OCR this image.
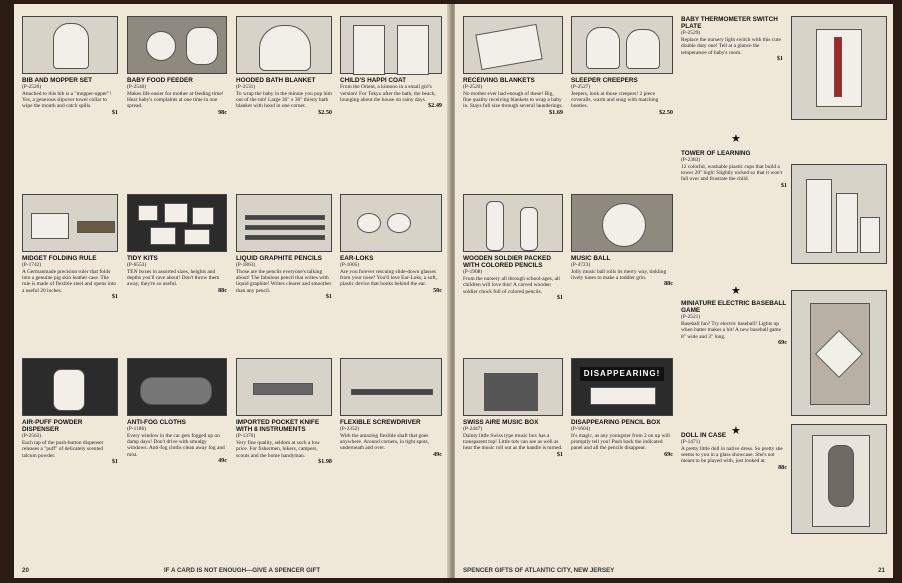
BIB AND MOPPER SET
(P-2526)
Attached to this bib is a "mopper-upper"! Yes, a generous slipover towel collar to wipe the mouth and catch spills.
$1
BABY FOOD FEEDER
(P-2540)
Makes life easier for mother at feeding time! Hear baby's complaints at one time in one spread.
98c
HOODED BATH BLANKET
(P-2531)
To wrap the baby in the minute you pop him out of the tub! Large 36" x 36" thirsty bath blanket with hood in one corner.
$2.50
CHILD'S HAPPI COAT
From the Orient, a kimono in a small girl's version! For Tokyo after the bath, the beach, lounging about the house on rainy days.
$2.49
MIDGET FOLDING RULE
(P-1742)
A Germanmade precision ruler that folds into a genuine pig skin leather case. The rule is made of flexible steel and opens into a useful 20 inches.
$1
TIDY KITS
(P-6553)
TEN boxes in assorted sizes, heights and depths you'll rave about! Don't throw them away, they're so useful.
88c
LIQUID GRAPHITE PENCILS
(P-1863)
Those are the pencils everyone's talking about! The fabulous pencil that writes with liquid graphite! Writes clearer and smoother than any pencil.
$1
EAR-LOKS
(P-1005)
Are you forever rescuing slide-down glasses from your nose? You'll love Ear-Loks, a soft, plastic device that hooks behind the ear.
50c
AIR-PUFF POWDER DISPENSER
(P-2563)
Each tap of the push-button dispenser releases a "puff" of delicately scented talcum powder.
$1
ANTI-FOG CLOTHS
(P-1186)
Every window in the car gets fogged up on damp days! Don't drive with smudgy windows. Anti-fog cloths clean away fog and mist.
49c
IMPORTED POCKET KNIFE WITH 8 INSTRUMENTS
(P-1376)
Very fine quality, seldom at such a low price. For fishermen, hikers, campers, scouts and the home handyman.
$1.98
FLEXIBLE SCREWDRIVER
(P-2352)
With the amazing flexible shaft that goes anywhere. Around corners, in tight spots, underneath and over.
49c
20	IF A CARD IS NOT ENOUGH—GIVE A SPENCER GIFT
RECEIVING BLANKETS
(P-2520)
No mother ever had enough of these! Big, fine quality receiving blankets to wrap a baby in. Stays full size through several launderings.
$1.69
SLEEPER CREEPERS
(P-2527)
Jeepers, look at those creepers! 2 piece coveralls, warm and snug with matching booties.
$2.50
BABY THERMOMETER SWITCH PLATE
(P-2529)
Replace the nursery light switch with this cute double duty one! Tell at a glance the temperature of baby's room.
$1
★
WOODEN SOLDIER PACKED WITH COLORED PENCILS
(P-1908)
From the nursery all through school-ages, all children will love this! A carved wooden soldier chock full of colored pencils.
$1
MUSIC BALL
(P-4723)
Jolly music ball rolls its merry way, tinkling lively tunes to make a toddler grin.
88c
TOWER OF LEARNING
(P-2383)
12 colorful, washable plastic cups that build a tower 20" high! Slightly nicked so that it won't fall over and frustrate the child.
$1
★
SWISS AIRE MUSIC BOX
(P-2447)
Dainty little Swiss type music box has a transparent top! Little tots can see as well as hear the music roll out as the handle is turned.
$1
DISAPPEARING!
DISAPPEARING PENCIL BOX
(P-1604)
It's magic, as any youngster from 2 on up will promptly tell you! Push back the indicated panel and all the pencils disappear.
69c
MINIATURE ELECTRIC BASEBALL GAME
(P-2521)
Baseball fan? Try electric baseball! Lights up when batter makes a hit! A new baseball game 8" wide and 3" long.
69c
★
DOLL IN CASE
(P-1471)
A pretty little doll in native dress. So pretty she seems to you in a glass showcase. She's not meant to be played with, just looked at.
88c
SPENCER GIFTS OF ATLANTIC CITY, NEW JERSEY	21
